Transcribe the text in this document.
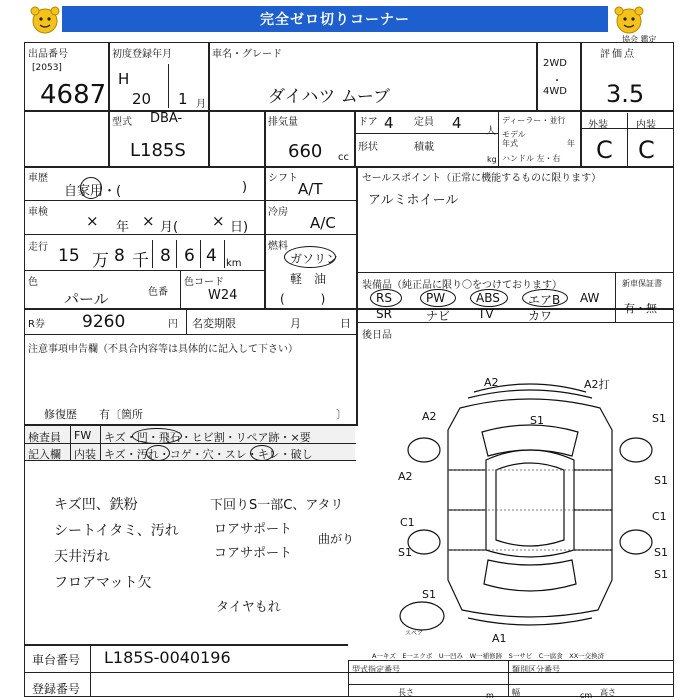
完全ゼロ切りコーナー
協会 鑑定
出品番号
[2053]
4687
初度登録年月
H
20 1 月
車名・グレード
ダイハツ ムーブ
2WD
・
4WD
評価点
3.5
外装	内装
C C
型式 DBA-
L185S
排気量
660 cc
ドア 4 定員 4 人
形状	積載
kg
ディーラー・並行
モデル年式	年
ハンドル 左・右
車歴
自家用・(	)
シフト
A/T
セールスポイント（正常に機能するものに限ります）
アルミホイール
車検	× 年 × 月( × 日)
冷房
A/C
走行 15 万 8 千 8 6 4 km
燃料
ガソリン
軽　油
(　　　)
色
パール	色番
色コード
W24
装備品（純正品に限り〇をつけております）	新車保証書
有・無
RS	PW	ABS エアB AW
SR	ナビ TV	カワ
後日品
R券 9260	円 名変期限	月	日
注意事項申告欄（不具合内容等は具体的に記入して下さい）
修復歴　　有〔箇所	〕
検査員
記入欄
FW キズ・凹・飛石・ヒビ割・リペア跡・×要
内装 キズ・汚れ・コゲ・穴・スレ・キレ・破し
キズ凹、鉄粉
シートイタミ、汚れ
天井汚れ
フロアマット欠
下回りS一部C、アタリ
ロアサポート
コアサポート
曲がり
タイヤもれ
A2	A2打
A2	S1	S1
A2	S1
C1	C1
S1	S1
S1
S1
A1
スペア
A一キズ　E一エクボ　U一凹み　W一補修跡　S一サビ　C一腐食　XX一交換済
車台番号 L185S-0040196
登録番号
型式指定番号	類別区分番号
長さ	幅	高さ
m	cm
